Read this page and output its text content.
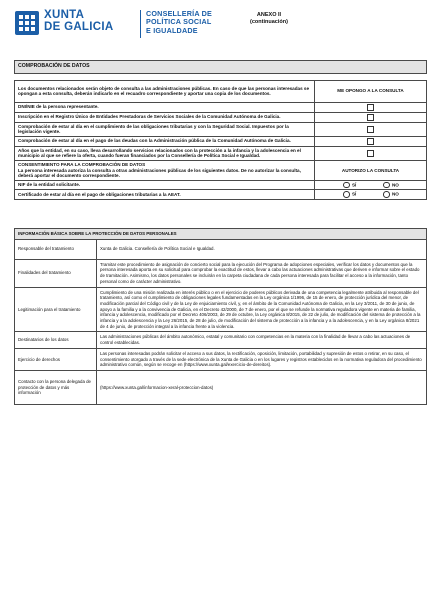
XUNTA
DE GALICIA
CONSELLERÍA DE
POLÍTICA SOCIAL
E IGUALDADE
ANEXO II
(continuación)
COMPROBACIÓN DE DATOS	

Los documentos relacionados serán objeto de consulta a las administraciones públicas. En caso de que las personas interesadas se opongan a esta consulta, deberán indicarlo en el recuadro correspondiente y aportar una copia de los documentos.	ME OPONGO A LA CONSULTA
DNI/NIE de la persona representante.	
Inscripción en el Registro Único de Entidades Prestadoras de Servicios Sociales de la Comunidad Autónoma de Galicia.	
Comprobación de estar al día en el cumplimiento de las obligaciones tributarias y con la Seguridad Social. Impuestos por la legislación vigente.	
Comprobación de estar al día en el pago de las deudas con la Administración pública de la Comunidad Autónoma de Galicia.	
Años que la entidad, en su caso, lleva desarrollando servicios relacionados con la protección a la infancia y la adolescencia en el municipio al que se refiere la oferta, cuando fueran financiados por la Consellería de Política Social e Igualdad.	

CONSENTIMIENTO PARA LA COMPROBACIÓN DE DATOS
La persona interesada autoriza la consulta a otras administraciones públicas de los siguientes datos. De no autorizar la consulta, deberá aportar el documento correspondiente.	AUTORIZO LA CONSULTA
NIF de la entidad solicitante.	SÍ NO
Certificado de estar al día en el pago de obligaciones tributarias a la AEAT.	SÍ NO
INFORMACIÓN BÁSICA SOBRE LA PROTECCIÓN DE DATOS PERSONALES	
Responsable del tratamiento	Xunta de Galicia. Consellería de Política Social e Igualdad.
Finalidades del tratamiento	Tramitar este procedimiento de asignación de concierto social para la ejecución del Programa de adopciones especiales, verificar los datos y documentos que la persona interesada aporta en su solicitud para comprobar la exactitud de estos, llevar a cabo las actuaciones administrativas que deriven e informar sobre el estado de tramitación. Asimismo, los datos personales se incluirán en la carpeta ciudadana de cada persona interesada para facilitar el acceso a la información, tanto personal como de carácter administrativo.
Legitimación para el tratamiento	Cumplimiento de una misión realizada en interés público o en el ejercicio de poderes públicos derivada de una competencia legalmente atribuida al responsable del tratamiento, así como el cumplimiento de obligaciones legales fundamentadas en la Ley orgánica 1/1996, de 15 de enero, de protección jurídica del menor, de modificación parcial del Código civil y de la Ley de enjuiciamiento civil, y, en el ámbito de la Comunidad Autónoma de Galicia, en la Ley 3/2011, de 30 de junio, de apoyo a la familia y a la convivencia de Galicia, en el Decreto 42/2000, de 7 de enero, por el que se refunde la normativa reguladora vigente en materia de familia, infancia y adolescencia, modificado por el Decreto 406/2003, de 29 de octubre, la Ley orgánica 8/2015, de 22 de julio, de modificación del sistema de protección a la infancia y a la adolescencia y la Ley 26/2015, de 28 de julio, de modificación del sistema de protección a la infancia y a la adolescencia, y en la Ley orgánica 8/2021 de 4 de junio, de protección integral a la infancia frente a la violencia.
Destinatarios de los datos	Las administraciones públicas del ámbito autonómico, estatal y comunitario con competencias en la materia con la finalidad de llevar a cabo las actuaciones de control establecidas.
Ejercicio de derechos	Las personas interesadas podrán solicitar el acceso a sus datos, la rectificación, oposición, limitación, portabilidad y supresión de estos o retirar, en su caso, el consentimiento otorgado a través de la sede electrónica de la Xunta de Galicia o en los lugares y registros establecidos en la normativa reguladora del procedimiento administrativo común, según se recoge en (https://www.xunta.gal/exercicio-de-dereitos).
Contacto con la persona delegada de protección de datos y más información	(https://www.xunta.gal/informacion-xeral-proteccion-datos)
